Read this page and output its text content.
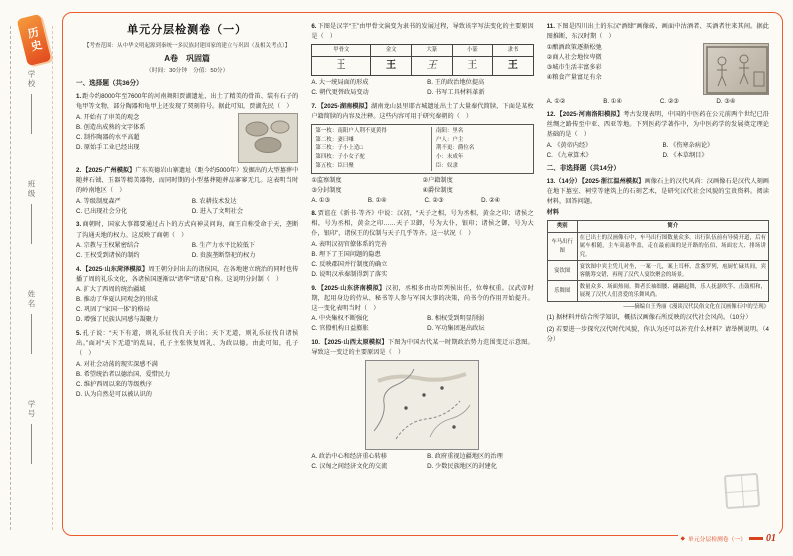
学校
班级
姓名
学号
历史	单元分层检测卷（一）
【考查范围：从中华文明起源到秦统一多民族封建国家的建立与巩固（及相关考点）】
A卷　巩固篇
（时间：30分钟　分值：50分）
一、选择题（共36分）

1.距今约8000年至7600年的河南舞阳贾湖遗址，出土了精美的骨笛、装有石子的龟甲等文物，部分陶器和龟甲上还发现了契刻符号。据此可知，贾湖先民（　）

A. 开始有了审美的观念
B. 创造出成熟的文字体系
C. 制作陶器的水平高超
D. 原始手工业已经出现

2.【2025·广州模拟】广东英德岩山寨遗址（距今约5000年）发掘出的大型墓葬中随葬石钺、玉器等精美器物，而同时期的小型墓葬随葬品寥寥无几。这表明当时的岭南地区（　）

A. 等级制度森严	B. 农耕技术发达
C. 已出现社会分化	D. 进入了文明社会

3.商朝时，国家大事都要通过占卜的方式向神灵问询，商王自称受命于天，垄断了沟通天地的权力。这反映了商朝（　）

A. 宗教与王权紧密结合	B. 生产力水平比较低下
C. 王权受到诸侯的制约	D. 贵族垄断祭祀的权力

4.【2025·山东菏泽模拟】周王朝分封出去的诸侯国，在各地建立统治的同时也传播了周的礼乐文化，各诸侯国逐渐以“诸华”“诸夏”自称。这说明分封制（　）

A. 扩大了西周的统治疆域
B. 推动了华夏认同观念的形成
C. 巩固了“家国一体”的格局
D. 增强了民族认同感与凝聚力

5.孔子说：“天下有道，则礼乐征伐自天子出；天下无道，则礼乐征伐自诸侯出。”面对“天下无道”的乱局，孔子主张恢复周礼、为政以德。由此可知，孔子（　）

A. 对社会动荡的现实深感不满
B. 希望统治者以德治国、爱惜民力
C. 维护西周以来的等级秩序
D. 认为自然是可以被认识的

6.下图是汉字“王”由甲骨文演变为隶书的发展过程，导致该字写法变化的主要原因是（　）

甲骨文	金文	大篆	小篆	隶书
王	王	王	王	王
A. 大一统局面的形成	B. 王的政治地位提高
C. 朝代更替政局变动	D. 书写工具材料革新

7.【2025·湖南模拟】湖南龙山县里耶古城遗址出土了大量秦代简牍，下面是某枚户籍简牍的内容及注释。这些内容可用于研究秦朝的（　）

第一枚：南阳户人荆不更黄得
第二枚：妻曰嗛
第三枚：子小上造□
第四枚：子小女子驼
第五枚：臣曰聚
南阳：里名
户人：户主
荆不更：爵位名
小：未成年
臣：奴隶
①监察制度	②户籍制度
③分封制度	④爵位制度
A. ①③	B. ①④	C. ②③	D. ②④

8.贾谊在《新书·等齐》中说：汉初，“天子之相，号为丞相，黄金之印；诸侯之相，号为丞相，黄金之印……天子卫御，号为大仆，银印；诸侯之御，号为大仆，银印”，诸侯王的仪制与天子几乎等齐。这一状况（　）

A. 表明汉初官僚体系的完善
B. 埋下了王国问题的隐患
C. 反映郡国并行制度的确立
D. 说明汉承秦制得到了落实

9.【2025·山东济南模拟】汉初，丞相多由功臣列侯出任，位尊权重。汉武帝时期，起用身边的侍从、秘书等人参与军国大事的决策，尚书令的作用开始提升。这一变化表明当时（　）

A. 中央集权不断强化	B. 相权受到明显削弱
C. 官僚机构日益膨胀	D. 军功集团退出政坛

10.【2025·山西太原模拟】下图为中国古代某一时期政治势力范围变迁示意图。导致这一变迁的主要原因是（　）

A. 政治中心和经济重心转移	B. 政府重视边疆地区的治理
C. 汉匈之间经济文化的交流	D. 少数民族地区的封建化

11.下图是四川出土的东汉“酒肆”画像砖，画面中沽酒者、买酒者往来其间。据此图推断，东汉时期（　）

①酿酒政策逐渐松弛
②商人社会地位卑微
③城市生活丰富多彩
④粮食产量富足有余
A. ①②	B. ①④	C. ②③	D. ③④

12.【2025·河南洛阳模拟】考古发现表明，中国的中医药在公元前两个世纪已沿丝绸之路传至中亚、西亚等地。下列医药学著作中，为中医药学的发展奠定理论基础的是（　）

A. 《黄帝内经》	B. 《伤寒杂病论》
C. 《九章算术》	D. 《本草纲目》
二、非选择题（共14分）

13.（14分）【2025·浙江温州模拟】画像石上的汉代风尚：汉画像石是汉代人刻画在地下墓室、祠堂等建筑上的石刻艺术，是研究汉代社会风貌的宝贵资料。阅读材料，回答问题。

材料
类别	简介
车马出行图	在已出土的汉画像石中，车马出行图数量众多。出行队伍前有导骑开道，后有属车相随，主车高悬华盖，走在最前面的是开路的伍伯，场面宏大、排场讲究。
宴饮图	宴饮图中宾主凭几对坐，一案一几，案上耳杯、盘盏罗列，庖厨忙碌其间，宾客觥筹交错，再现了汉代人宴饮聚会的场景。
乐舞图	数量众多、场面热闹。舞者长袖细腰、翩翩起舞，乐人抚瑟吹竽、击鼓相和，展现了汉代人们喜爱的乐舞风尚。
——摘编自王秀丽《漫谈汉代民俗文化在汉画像石中的呈现》
(1) 据材料并结合所学知识，概括汉画像石所反映的汉代社会风尚。（10分）
(2) 若要进一步探究汉代时代风貌，你认为还可以补充什么材料？请举例说明。（4分）
◆ 单元分层检测卷（一） 01
